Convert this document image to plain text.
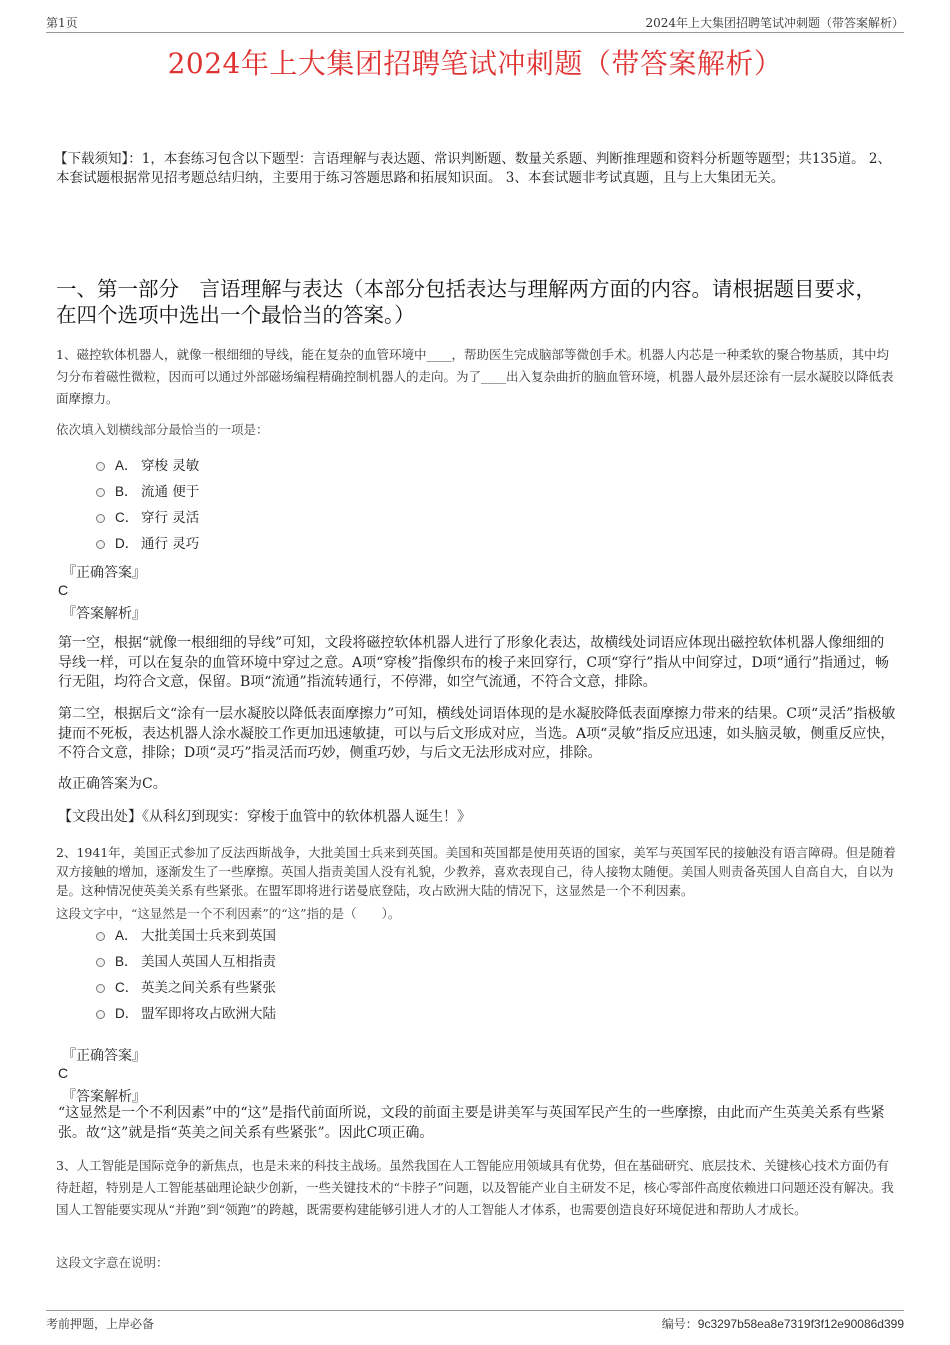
第1页	2024年上大集团招聘笔试冲刺题（带答案解析）
2024年上大集团招聘笔试冲刺题（带答案解析）
【下载须知】：1，本套练习包含以下题型：言语理解与表达题、常识判断题、数量关系题、判断推理题和资料分析题等题型；共135道。 2、本套试题根据常见招考题总结归纳，主要用于练习答题思路和拓展知识面。 3、本套试题非考试真题，且与上大集团无关。
一、第一部分　言语理解与表达（本部分包括表达与理解两方面的内容。请根据题目要求，在四个选项中选出一个最恰当的答案。）
1、磁控软体机器人，就像一根细细的导线，能在复杂的血管环境中____，帮助医生完成脑部等微创手术。机器人内芯是一种柔软的聚合物基质，其中均匀分布着磁性微粒，因而可以通过外部磁场编程精确控制机器人的走向。为了____出入复杂曲折的脑血管环境，机器人最外层还涂有一层水凝胶以降低表面摩擦力。
依次填入划横线部分最恰当的一项是：
A． 穿梭 灵敏
B． 流通 便于
C． 穿行 灵活
D． 通行 灵巧
『正确答案』
C
『答案解析』
第一空，根据“就像一根细细的导线”可知，文段将磁控软体机器人进行了形象化表达，故横线处词语应体现出磁控软体机器人像细细的导线一样，可以在复杂的血管环境中穿过之意。A项“穿梭”指像织布的梭子来回穿行，C项“穿行”指从中间穿过，D项“通行”指通过，畅行无阻，均符合文意，保留。B项“流通”指流转通行，不停滞，如空气流通，不符合文意，排除。
第二空，根据后文“涂有一层水凝胶以降低表面摩擦力”可知，横线处词语体现的是水凝胶降低表面摩擦力带来的结果。C项“灵活”指极敏捷而不死板，表达机器人涂水凝胶工作更加迅速敏捷，可以与后文形成对应，当选。A项“灵敏”指反应迅速，如头脑灵敏，侧重反应快，不符合文意，排除；D项“灵巧”指灵活而巧妙，侧重巧妙，与后文无法形成对应，排除。
故正确答案为C。
【文段出处】《从科幻到现实：穿梭于血管中的软体机器人诞生！》
2、1941年，美国正式参加了反法西斯战争，大批美国士兵来到英国。美国和英国都是使用英语的国家，美军与英国军民的接触没有语言障碍。但是随着双方接触的增加，逐渐发生了一些摩擦。英国人指责美国人没有礼貌，少教养，喜欢表现自己，待人接物太随便。美国人则责备英国人自高自大，自以为是。这种情况使英美关系有些紧张。在盟军即将进行诺曼底登陆，攻占欧洲大陆的情况下，这显然是一个不利因素。
这段文字中，“这显然是一个不利因素”的“这”指的是（　　）。
A． 大批美国士兵来到英国
B． 美国人英国人互相指责
C． 英美之间关系有些紧张
D． 盟军即将攻占欧洲大陆
『正确答案』
C
『答案解析』
“这显然是一个不利因素”中的“这”是指代前面所说，文段的前面主要是讲美军与英国军民产生的一些摩擦，由此而产生英美关系有些紧张。故“这”就是指“英美之间关系有些紧张”。因此C项正确。
3、人工智能是国际竞争的新焦点，也是未来的科技主战场。虽然我国在人工智能应用领域具有优势，但在基础研究、底层技术、关键核心技术方面仍有待赶超，特别是人工智能基础理论缺少创新，一些关键技术的“卡脖子”问题，以及智能产业自主研发不足，核心零部件高度依赖进口问题还没有解决。我国人工智能要实现从“并跑”到“领跑”的跨越，既需要构建能够引进人才的人工智能人才体系，也需要创造良好环境促进和帮助人才成长。
这段文字意在说明：
考前押题，上岸必备	编号：9c3297b58ea8e7319f3f12e90086d399
